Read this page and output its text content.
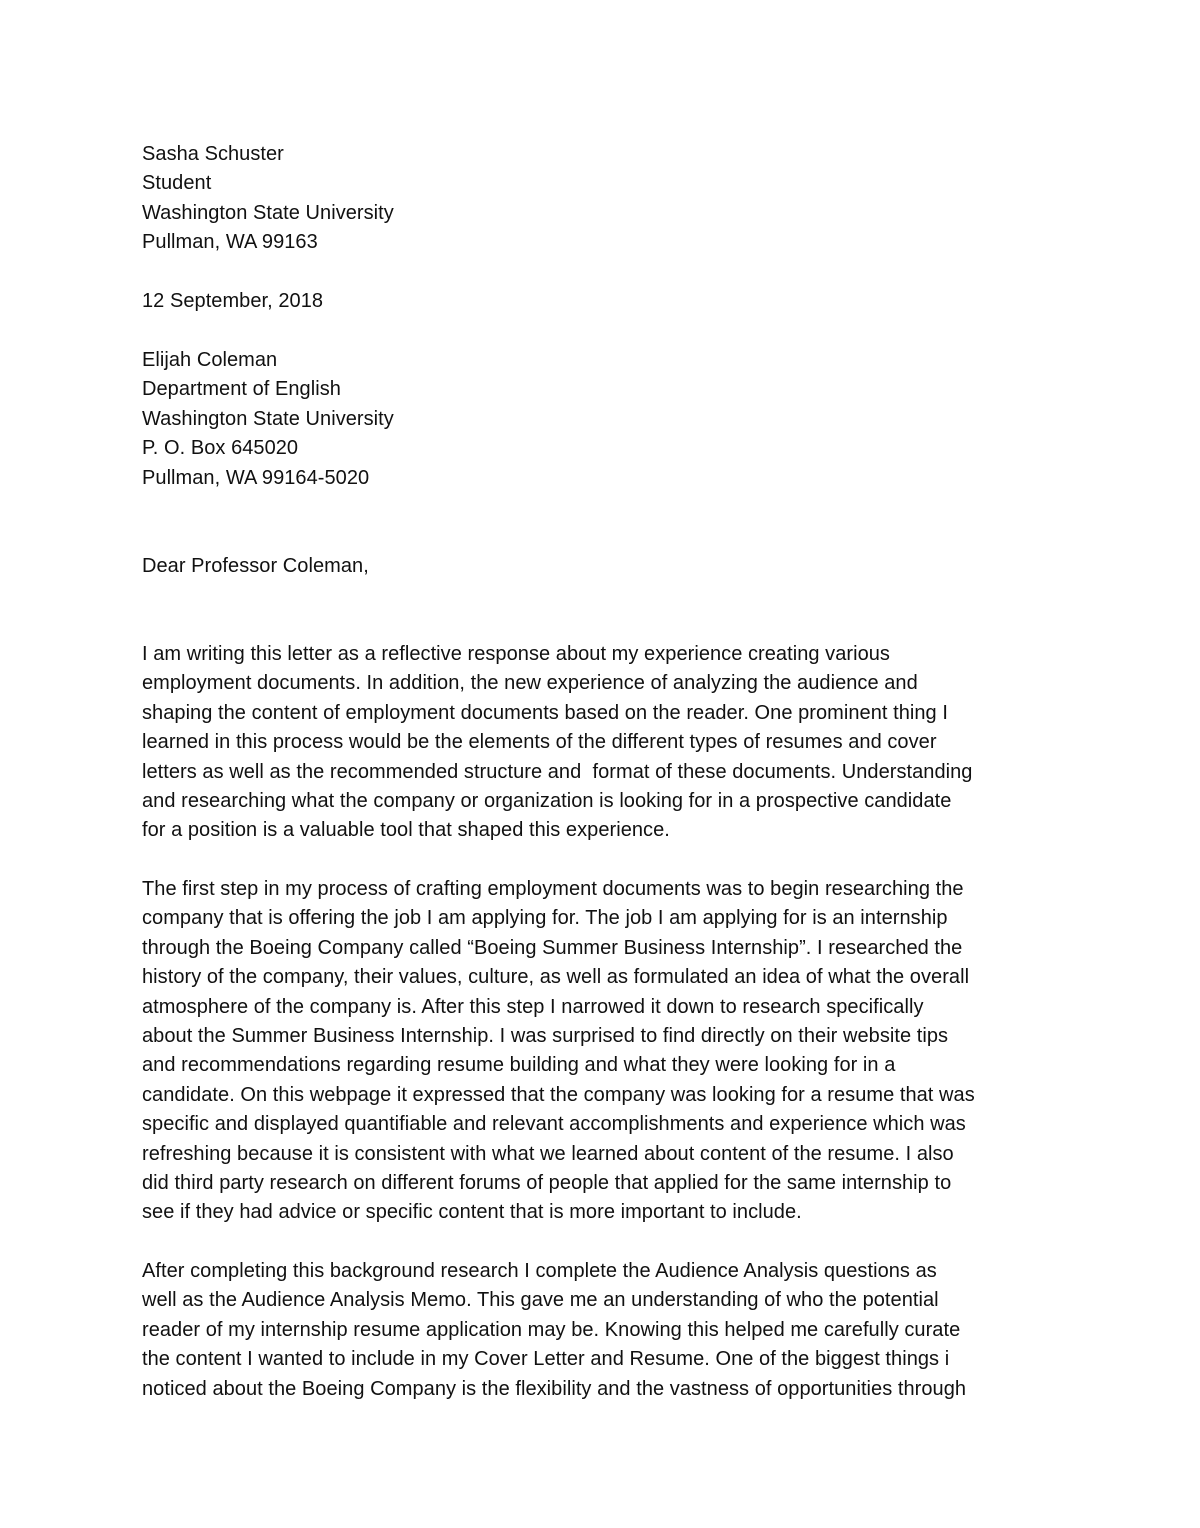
Sasha Schuster
Student
Washington State University
Pullman, WA 99163
12 September, 2018
Elijah Coleman
Department of English
Washington State University
P. O. Box 645020
Pullman, WA 99164-5020
Dear Professor Coleman,
I am writing this letter as a reflective response about my experience creating various
employment documents. In addition, the new experience of analyzing the audience and
shaping the content of employment documents based on the reader. One prominent thing I
learned in this process would be the elements of the different types of resumes and cover
letters as well as the recommended structure and  format of these documents. Understanding
and researching what the company or organization is looking for in a prospective candidate
for a position is a valuable tool that shaped this experience.
The first step in my process of crafting employment documents was to begin researching the
company that is offering the job I am applying for. The job I am applying for is an internship
through the Boeing Company called “Boeing Summer Business Internship”. I researched the
history of the company, their values, culture, as well as formulated an idea of what the overall
atmosphere of the company is. After this step I narrowed it down to research specifically
about the Summer Business Internship. I was surprised to find directly on their website tips
and recommendations regarding resume building and what they were looking for in a
candidate. On this webpage it expressed that the company was looking for a resume that was
specific and displayed quantifiable and relevant accomplishments and experience which was
refreshing because it is consistent with what we learned about content of the resume. I also
did third party research on different forums of people that applied for the same internship to
see if they had advice or specific content that is more important to include.
After completing this background research I complete the Audience Analysis questions as
well as the Audience Analysis Memo. This gave me an understanding of who the potential
reader of my internship resume application may be. Knowing this helped me carefully curate
the content I wanted to include in my Cover Letter and Resume. One of the biggest things i
noticed about the Boeing Company is the flexibility and the vastness of opportunities through
